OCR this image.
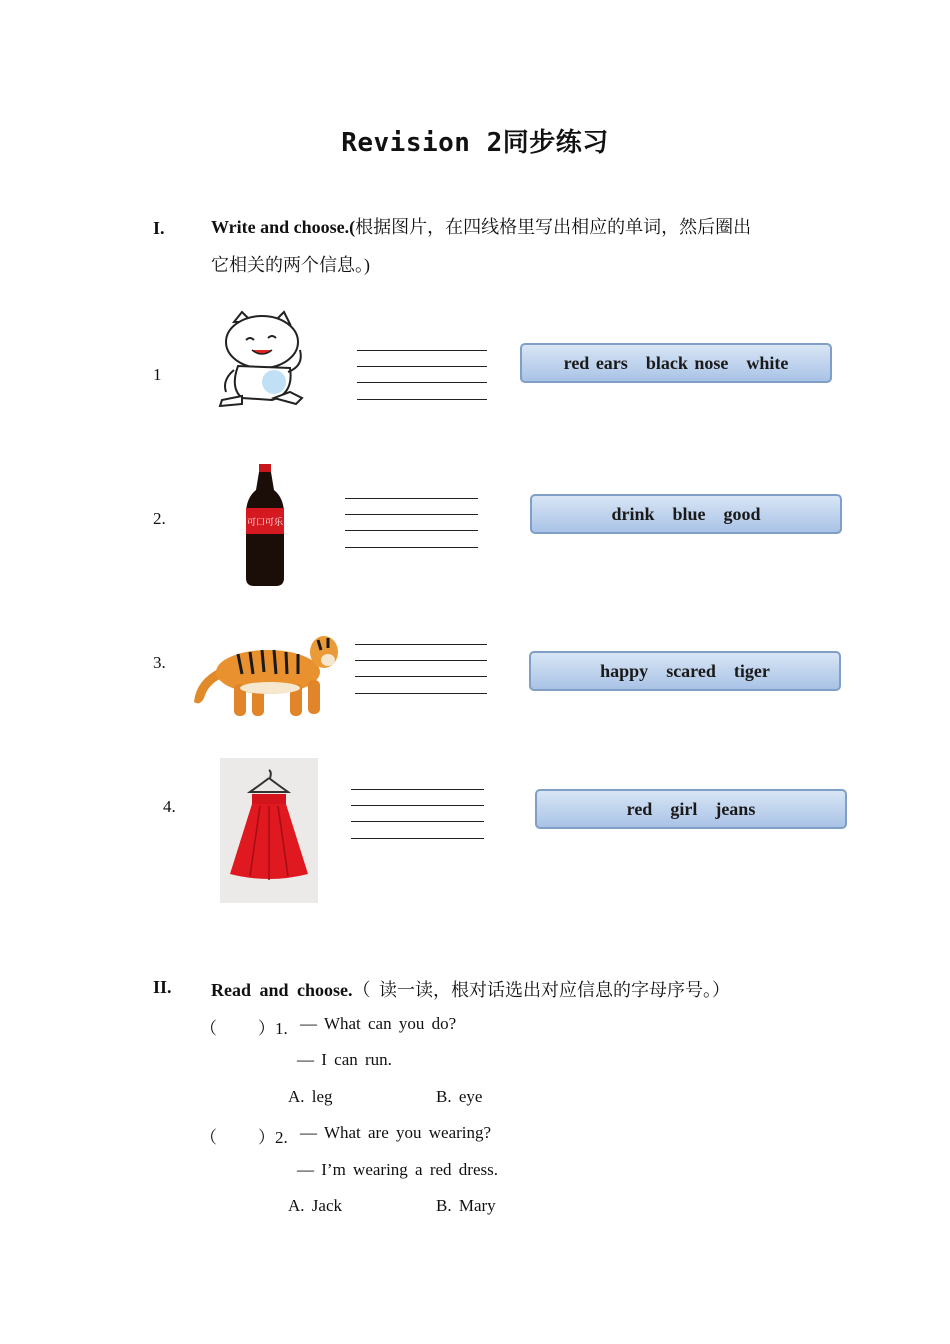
Revision 2同步练习
I.	Write and choose.(根据图片，在四线格里写出相应的单词，然后圈出
它相关的两个信息。)
1
red ears black nose white
2.	可口可乐	drink blue good
3.	happy scared tiger
4.	red girl jeans
II. Read and choose.（ 读一读，根对话选出对应信息的字母序号。）
（ ）1. — What can you do?
— I can run.
A. leg	B. eye
（ ）2. — What are you wearing?
— I’m wearing a red dress.
A. Jack	B. Mary
